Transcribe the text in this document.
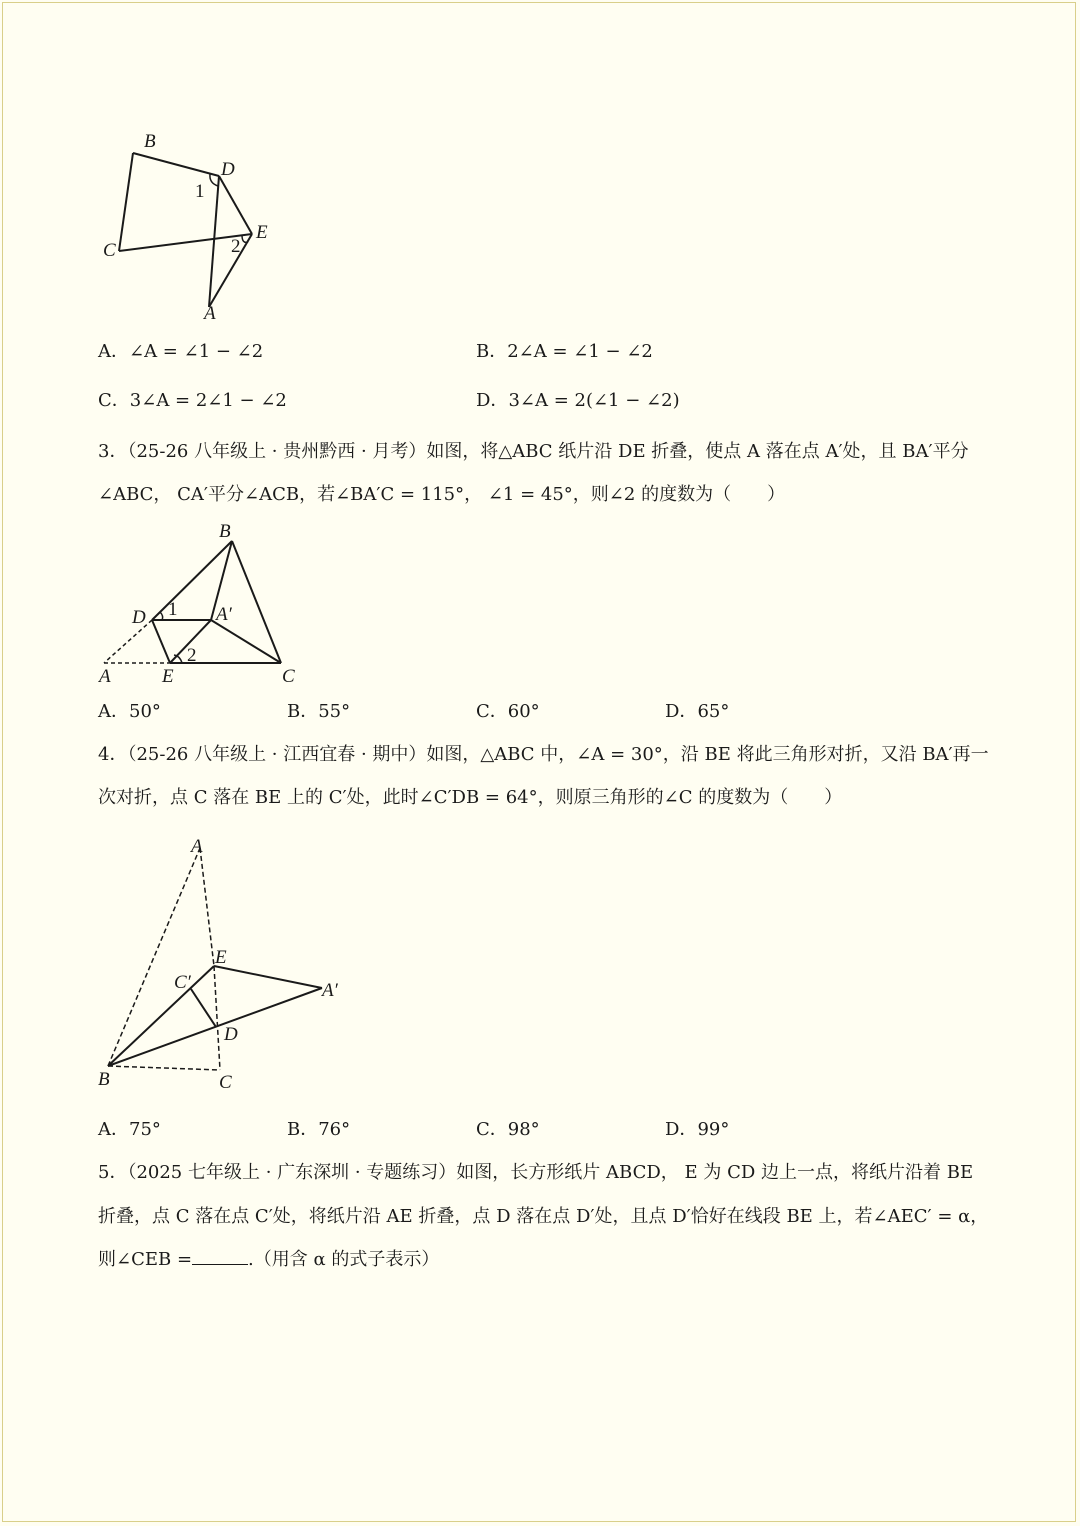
B
D
C
E
A
1
2
A．∠A = ∠1 − ∠2	B．2∠A = ∠1 − ∠2
C．3∠A = 2∠1 − ∠2	D．3∠A = 2(∠1 − ∠2)
3．（25-26 八年级上 · 贵州黔西 · 月考）如图，将△ABC 纸片沿 DE 折叠，使点 A 落在点 A′处，且 BA′平分
∠ABC， CA′平分∠ACB，若∠BA′C = 115°， ∠1 = 45°，则∠2 的度数为（　　）
B
D 1 A′
2
A	E	C
A．50°	B．55°	C．60°	D．65°
4．（25-26 八年级上 · 江西宜春 · 期中）如图，△ABC 中，∠A = 30°，沿 BE 将此三角形对折，又沿 BA′再一
次对折，点 C 落在 BE 上的 C′处，此时∠C′DB = 64°，则原三角形的∠C 的度数为（　　）
A
E
C′	A′
D
B	C
A．75°	B．76°	C．98°	D．99°
5．（2025 七年级上 · 广东深圳 · 专题练习）如图，长方形纸片 ABCD， E 为 CD 边上一点，将纸片沿着 BE
折叠，点 C 落在点 C′处，将纸片沿 AE 折叠，点 D 落在点 D′处，且点 D′恰好在线段 BE 上，若∠AEC′ = α，
则∠CEB =	.（用含 α 的式子表示）
